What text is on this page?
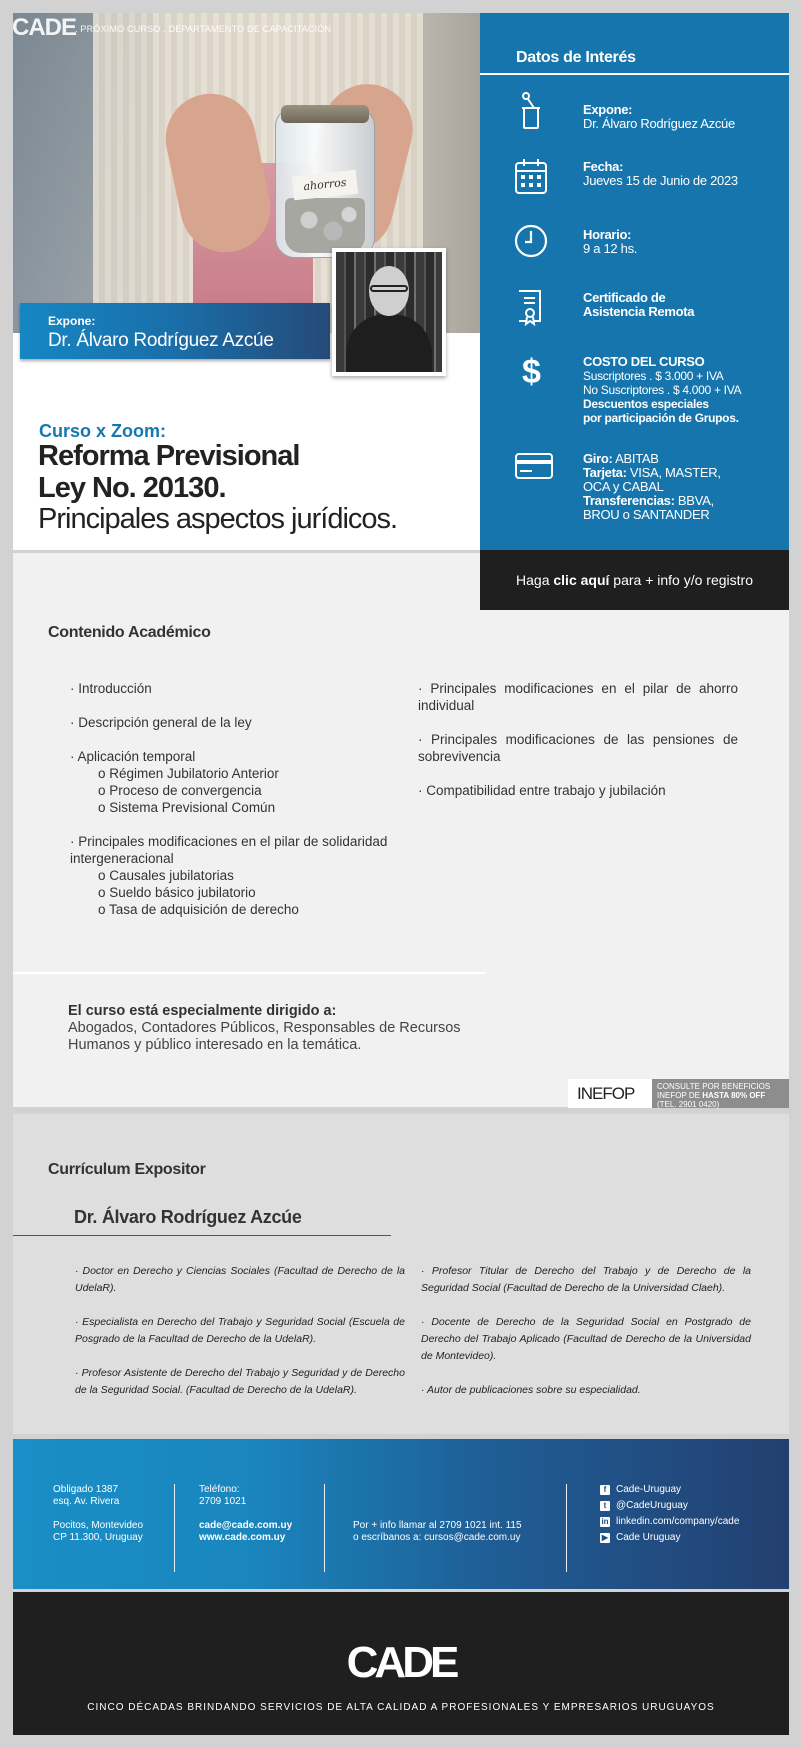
ahorros
CADE
. PRÓXIMO CURSO . DEPARTAMENTO DE CAPACITACIÓN
Expone:
Dr. Álvaro Rodríguez Azcúe
Curso x Zoom:
Reforma Previsional
Ley No. 20130.
Principales aspectos jurídicos.
Datos de Interés
Expone:
Dr. Álvaro Rodríguez Azcúe
Fecha:
Jueves 15 de Junio de 2023
Horario:
9 a 12 hs.
Certificado de
Asistencia Remota
$	COSTO DEL CURSO
Suscriptores . $ 3.000 + IVA
No Suscriptores . $ 4.000 + IVA
Descuentos especiales
por participación de Grupos.
Giro: ABITAB
Tarjeta: VISA, MASTER,
OCA y CABAL
Transferencias: BBVA,
BROU o SANTANDER
Haga clic aquí para + info y/o registro
Contenido Académico

· Introducción

· Descripción general de la ley

· Aplicación temporal
o Régimen Jubilatorio Anterior
o Proceso de convergencia
o Sistema Previsional Común

· Principales modificaciones en el pilar de solidaridad intergeneracional
o Causales jubilatorias
o Sueldo básico jubilatorio
o Tasa de adquisición de derecho

· Principales modificaciones en el pilar de ahorro individual

· Principales modificaciones de las pensiones de sobrevivencia

· Compatibilidad entre trabajo y jubilación

El curso está especialmente dirigido a:
Abogados, Contadores Públicos, Responsables de Recursos Humanos y público interesado en la temática.
INEFOP	CONSULTE POR BENEFICIOS
INEFOP DE HASTA 80% OFF
(TEL. 2901 0420)
Currículum Expositor
Dr. Álvaro Rodríguez Azcúe

· Doctor en Derecho y Ciencias Sociales (Facultad de Derecho de la UdelaR).

· Especialista en Derecho del Trabajo y Seguridad Social (Escuela de Posgrado de la Facultad de Derecho de la UdelaR).

· Profesor Asistente de Derecho del Trabajo y Seguridad y de Derecho de la Seguridad Social. (Facultad de Derecho de la UdelaR).

· Profesor Titular de Derecho del Trabajo y de Derecho de la Seguridad Social (Facultad de Derecho de la Universidad Claeh).

· Docente de Derecho de la Seguridad Social en Postgrado de Derecho del Trabajo Aplicado (Facultad de Derecho de la Universidad de Montevideo).

· Autor de publicaciones sobre su especialidad.

Obligado 1387
esq. Av. Rivera

Pocitos, Montevideo
CP 11.300, Uruguay
Teléfono:
2709 1021

cade@cade.com.uy
www.cade.com.uy
Por + info llamar al 2709 1021 int. 115
o escríbanos a: cursos@cade.com.uy
f Cade-Uruguay
t @CadeUruguay
in linkedin.com/company/cade
▶ Cade Uruguay
CADE
CINCO DÉCADAS BRINDANDO SERVICIOS DE ALTA CALIDAD A PROFESIONALES Y EMPRESARIOS URUGUAYOS
